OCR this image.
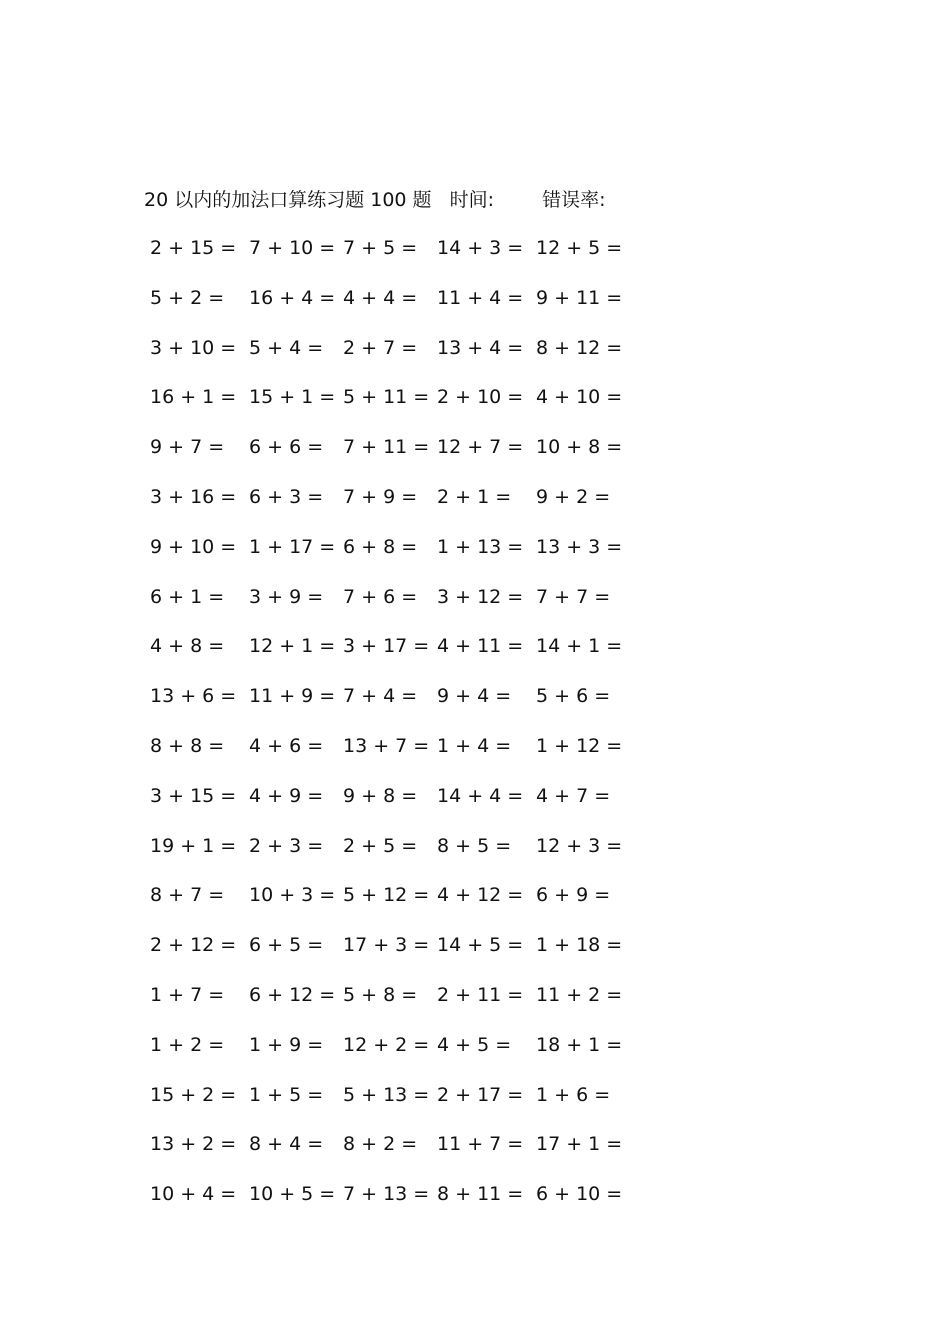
20 以内的加法口算练习题 100 题 时间:	错误率:
2 + 15 = 7 + 10 = 7 + 5 = 14 + 3 = 12 + 5 =
5 + 2 = 16 + 4 = 4 + 4 = 11 + 4 = 9 + 11 =
3 + 10 = 5 + 4 = 2 + 7 = 13 + 4 = 8 + 12 =
16 + 1 = 15 + 1 = 5 + 11 = 2 + 10 = 4 + 10 =
9 + 7 = 6 + 6 = 7 + 11 = 12 + 7 = 10 + 8 =
3 + 16 = 6 + 3 = 7 + 9 = 2 + 1 = 9 + 2 =
9 + 10 = 1 + 17 = 6 + 8 = 1 + 13 = 13 + 3 =
6 + 1 = 3 + 9 = 7 + 6 = 3 + 12 = 7 + 7 =
4 + 8 = 12 + 1 = 3 + 17 = 4 + 11 = 14 + 1 =
13 + 6 = 11 + 9 = 7 + 4 = 9 + 4 = 5 + 6 =
8 + 8 = 4 + 6 = 13 + 7 = 1 + 4 = 1 + 12 =
3 + 15 = 4 + 9 = 9 + 8 = 14 + 4 = 4 + 7 =
19 + 1 = 2 + 3 = 2 + 5 = 8 + 5 = 12 + 3 =
8 + 7 = 10 + 3 = 5 + 12 = 4 + 12 = 6 + 9 =
2 + 12 = 6 + 5 = 17 + 3 = 14 + 5 = 1 + 18 =
1 + 7 = 6 + 12 = 5 + 8 = 2 + 11 = 11 + 2 =
1 + 2 = 1 + 9 = 12 + 2 = 4 + 5 = 18 + 1 =
15 + 2 = 1 + 5 = 5 + 13 = 2 + 17 = 1 + 6 =
13 + 2 = 8 + 4 = 8 + 2 = 11 + 7 = 17 + 1 =
10 + 4 = 10 + 5 = 7 + 13 = 8 + 11 = 6 + 10 =
